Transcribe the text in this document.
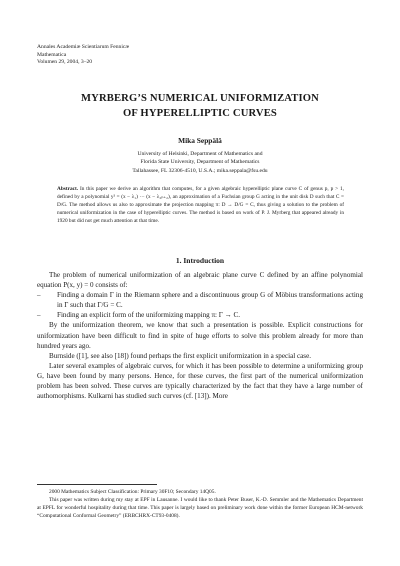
Annales Academiæ Scientiarum Fennicæ
Mathematica
Volumen 29, 2004, 3–20
MYRBERG’S NUMERICAL UNIFORMIZATION
OF HYPERELLIPTIC CURVES
Mika Seppälä
University of Helsinki, Department of Mathematics and
Florida State University, Department of Mathematics
Tallahassee, FL 32306-4510, U.S.A.; mika.seppala@fsu.edu
Abstract. In this paper we derive an algorithm that computes, for a given algebraic hyperelliptic plane curve C of genus p, p > 1, defined by a polynomial y² = (x − λ₁) ··· (x − λ₂ₚ₊₂), an approximation of a Fuchsian group G acting in the unit disk D such that C = D/G. The method allows us also to approximate the projection mapping π: D → D/G = C, thus giving a solution to the problem of numerical uniformization in the case of hyperelliptic curves. The method is based on work of P. J. Myrberg that appeared already in 1920 but did not get much attention at that time.
1. Introduction

The problem of numerical uniformization of an algebraic plane curve C defined by an affine polynomial equation P(x, y) = 0 consists of:

– Finding a domain Γ in the Riemann sphere and a discontinuous group G of Möbius transformations acting in Γ such that Γ/G = C.
– Finding an explicit form of the uniformizing mapping π: Γ → C.

By the uniformization theorem, we know that such a presentation is possible. Explicit constructions for uniformization have been difficult to find in spite of huge efforts to solve this problem already for more than hundred years ago.

Burnside ([1], see also [18]) found perhaps the first explicit uniformization in a special case.

Later several examples of algebraic curves, for which it has been possible to determine a uniformizing group G, have been found by many persons. Hence, for these curves, the first part of the numerical uniformization problem has been solved. These curves are typically characterized by the fact that they have a large number of authomorphisms. Kulkarni has studied such curves (cf. [13]). More

2000 Mathematics Subject Classification: Primary 30F10; Secondary 14Q05.

This paper was written during my stay at EPF in Lausanne. I would like to thank Peter Buser, K.-D. Semmler and the Mathematics Department at EPFL for wonderful hospitality during that time. This paper is largely based on preliminary work done within the former European HCM-network “Computational Conformal Geometry” (ERBCHRX-CT93-0408).
